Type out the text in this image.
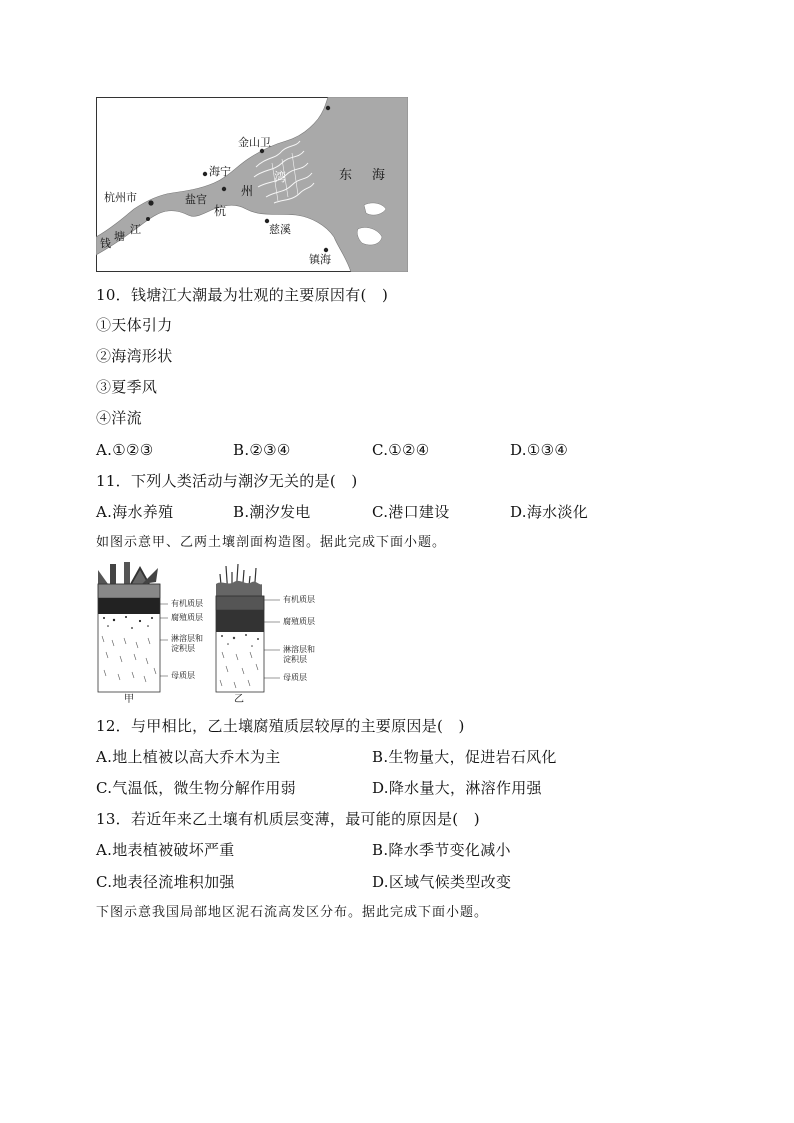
金山卫
海宁
杭州市	盐官
杭
州
湾	东 海
慈溪
镇海
钱
塘
江
10．钱塘江大潮最为壮观的主要原因有(　)
①天体引力
②海湾形状
③夏季风
④洋流
A.①②③	B.②③④	C.①②④	D.①③④
11．下列人类活动与潮汐无关的是(　)
A.海水养殖	B.潮汐发电	C.港口建设	D.海水淡化
如图示意甲、乙两土壤剖面构造图。据此完成下面小题。
有机质层
腐殖质层
淋溶层和
淀积层
母质层
有机质层
腐殖质层
淋溶层和
淀积层
母质层
甲	乙
12．与甲相比，乙土壤腐殖质层较厚的主要原因是(　)
A.地上植被以高大乔木为主	B.生物量大，促进岩石风化
C.气温低，微生物分解作用弱	D.降水量大，淋溶作用强
13．若近年来乙土壤有机质层变薄，最可能的原因是(　)
A.地表植被破坏严重	B.降水季节变化减小
C.地表径流堆积加强	D.区域气候类型改变
下图示意我国局部地区泥石流高发区分布。据此完成下面小题。
